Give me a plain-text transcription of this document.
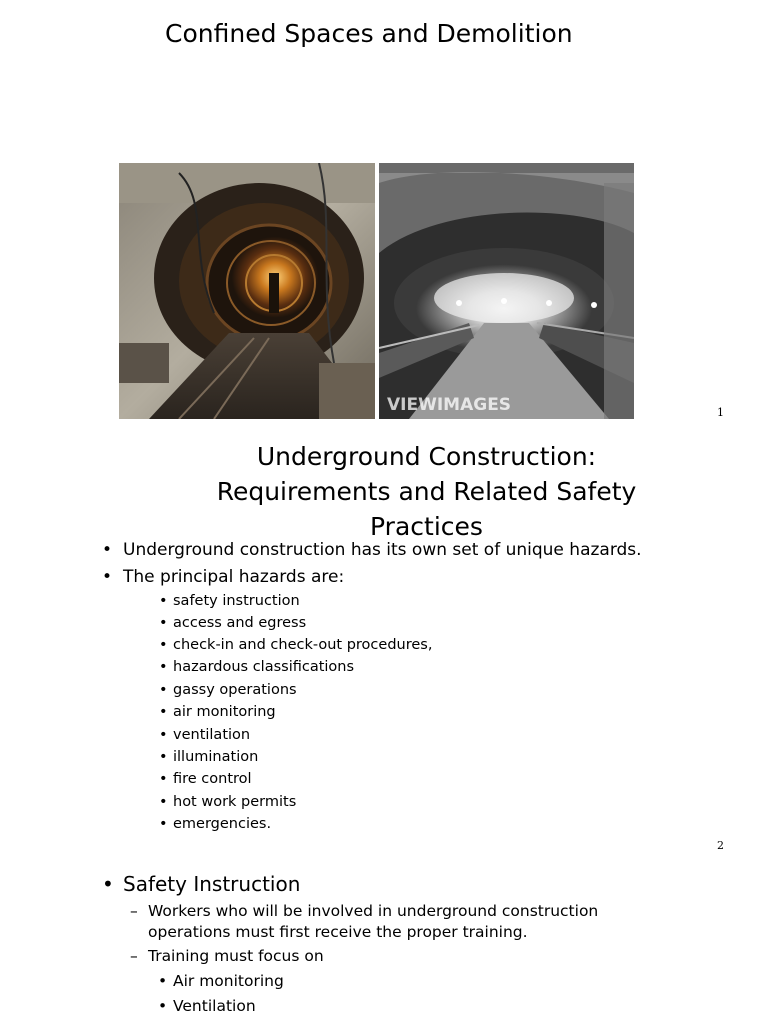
Confined Spaces and Demolition
VIEWIMAGES	1
Underground Construction: Requirements and Related Safety Practices
• Underground construction has its own set of unique hazards.
• The principal hazards are:
• safety instruction
• access and egress
• check-in and check-out procedures,
• hazardous classifications
• gassy operations
• air monitoring
• ventilation
• illumination
• fire control
• hot work permits
• emergencies.
2
• Safety Instruction
– Workers who will be involved in underground construction operations must first receive the proper training.
– Training must focus on
• Air monitoring
• Ventilation
